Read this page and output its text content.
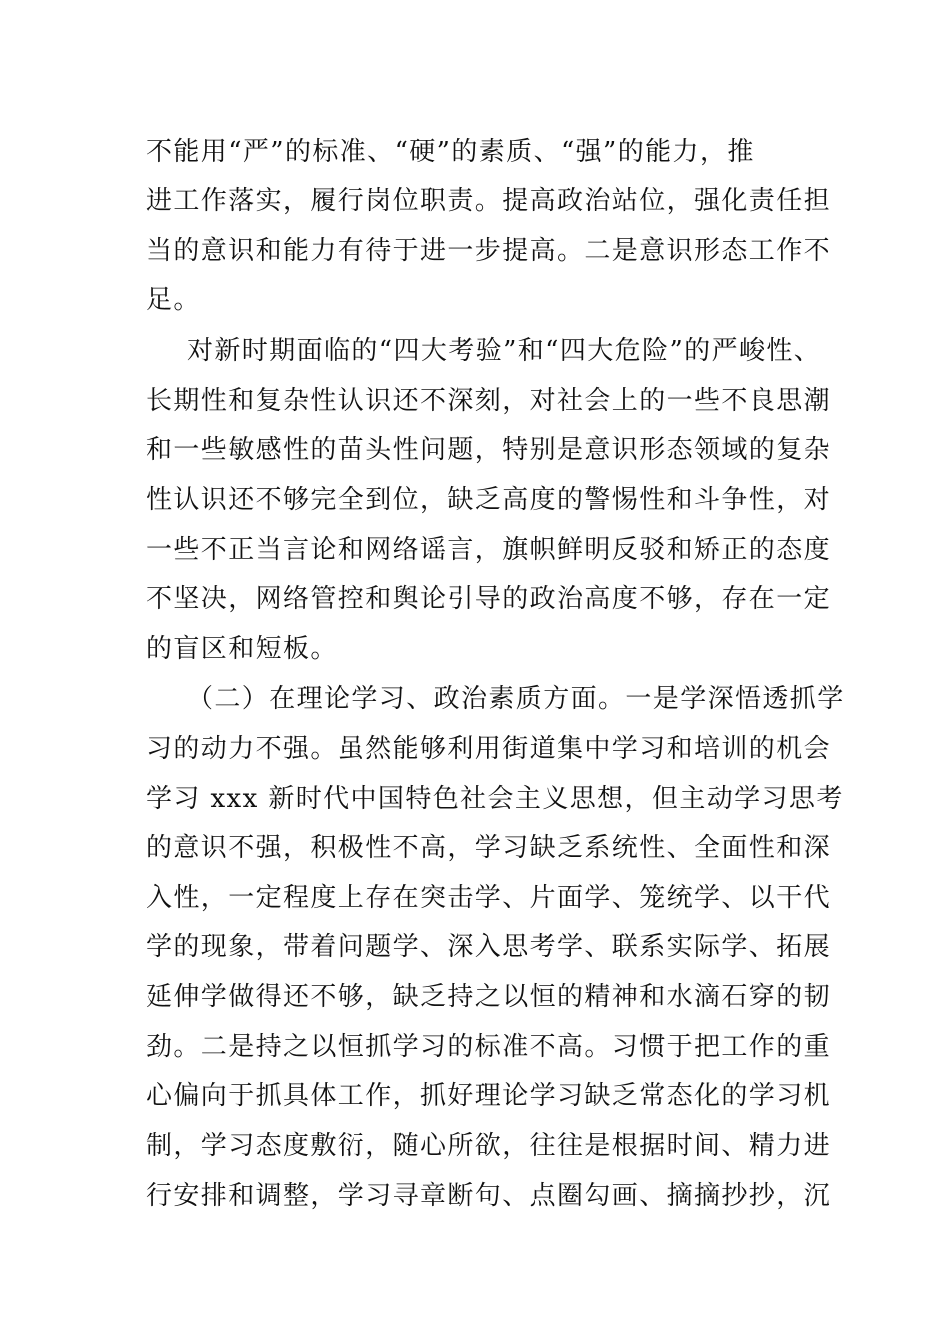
不能用“严”的标准、“硬”的素质、“强”的能力，推
进工作落实，履行岗位职责。提高政治站位，强化责任担
当的意识和能力有待于进一步提高。二是意识形态工作不
足。
对新时期面临的“四大考验”和“四大危险”的严峻性、
长期性和复杂性认识还不深刻，对社会上的一些不良思潮
和一些敏感性的苗头性问题，特别是意识形态领域的复杂
性认识还不够完全到位，缺乏高度的警惕性和斗争性，对
一些不正当言论和网络谣言，旗帜鲜明反驳和矫正的态度
不坚决，网络管控和舆论引导的政治高度不够，存在一定
的盲区和短板。
（二）在理论学习、政治素质方面。一是学深悟透抓学
习的动力不强。虽然能够利用街道集中学习和培训的机会
学习 xxx 新时代中国特色社会主义思想，但主动学习思考
的意识不强，积极性不高，学习缺乏系统性、全面性和深
入性，一定程度上存在突击学、片面学、笼统学、以干代
学的现象，带着问题学、深入思考学、联系实际学、拓展
延伸学做得还不够，缺乏持之以恒的精神和水滴石穿的韧
劲。二是持之以恒抓学习的标准不高。习惯于把工作的重
心偏向于抓具体工作，抓好理论学习缺乏常态化的学习机
制，学习态度敷衍，随心所欲，往往是根据时间、精力进
行安排和调整，学习寻章断句、点圈勾画、摘摘抄抄，沉
